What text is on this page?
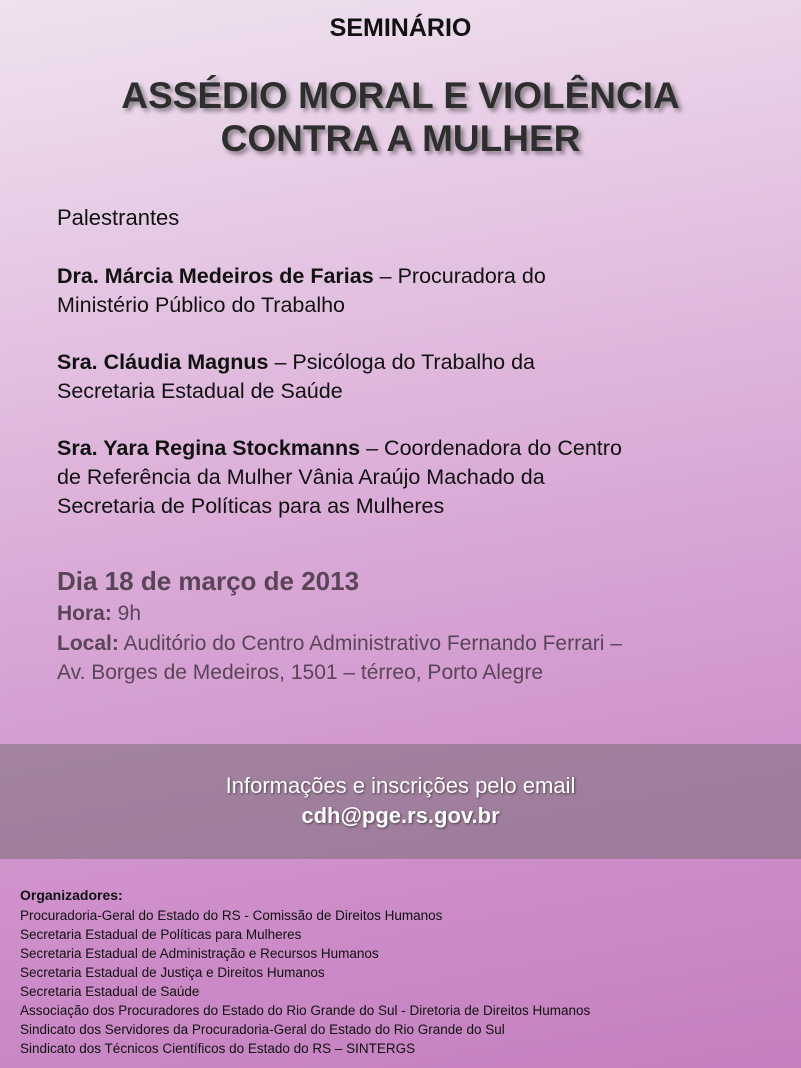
SEMINÁRIO
ASSÉDIO MORAL E VIOLÊNCIA
CONTRA A MULHER
Palestrantes
Dra. Márcia Medeiros de Farias – Procuradora do
Ministério Público do Trabalho
Sra. Cláudia Magnus – Psicóloga do Trabalho da
Secretaria Estadual de Saúde
Sra. Yara Regina Stockmanns – Coordenadora do Centro
de Referência da Mulher Vânia Araújo Machado da
Secretaria de Políticas para as Mulheres
Dia 18 de março de 2013
Hora: 9h
Local: Auditório do Centro Administrativo Fernando Ferrari –
Av. Borges de Medeiros, 1501 – térreo, Porto Alegre
Informações e inscrições pelo email
cdh@pge.rs.gov.br
Organizadores:
Procuradoria-Geral do Estado do RS - Comissão de Direitos Humanos
Secretaria Estadual de Políticas para Mulheres
Secretaria Estadual de Administração e Recursos Humanos
Secretaria Estadual de Justiça e Direitos Humanos
Secretaria Estadual de Saúde
Associação dos Procuradores do Estado do Rio Grande do Sul - Diretoria de Direitos Humanos
Sindicato dos Servidores da Procuradoria-Geral do Estado do Rio Grande do Sul
Sindicato dos Técnicos Científicos do Estado do RS – SINTERGS
